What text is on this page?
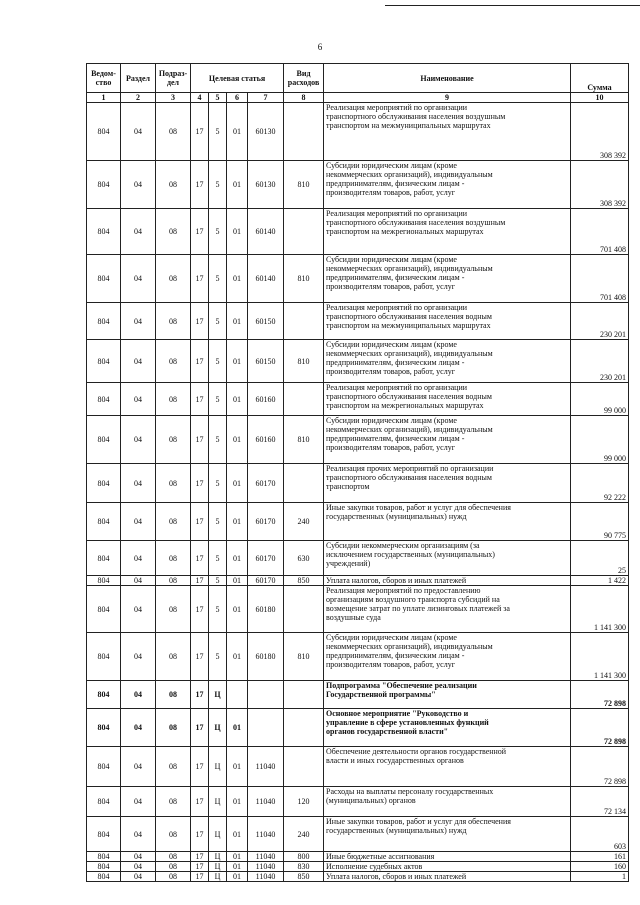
6
Ведом-
ство	Раздел	Подраз-
дел	Целевая статья				Вид
расходов	Наименование	Сумма
1	2	3	4	5	6	7	8	9	10
804	04	08	17	5	01	60130		Реализация мероприятий по организации
транспортного обслуживания населения воздушным
транспортом на межмуниципальных маршрутах	308 392
804	04	08	17	5	01	60130	810	Субсидии юридическим лицам (кроме
некоммерческих организаций), индивидуальным
предпринимателям, физическим лицам -
производителям товаров, работ, услуг	308 392
804	04	08	17	5	01	60140		Реализация мероприятий по организации
транспортного обслуживания населения воздушным
транспортом на межрегиональных маршрутах	701 408
804	04	08	17	5	01	60140	810	Субсидии юридическим лицам (кроме
некоммерческих организаций), индивидуальным
предпринимателям, физическим лицам -
производителям товаров, работ, услуг	701 408
804	04	08	17	5	01	60150		Реализация мероприятий по организации
транспортного обслуживания населения водным
транспортом на межмуниципальных маршрутах	230 201
804	04	08	17	5	01	60150	810	Субсидии юридическим лицам (кроме
некоммерческих организаций), индивидуальным
предпринимателям, физическим лицам -
производителям товаров, работ, услуг	230 201
804	04	08	17	5	01	60160		Реализация мероприятий по организации
транспортного обслуживания населения водным
транспортом на межрегиональных маршрутах	99 000
804	04	08	17	5	01	60160	810	Субсидии юридическим лицам (кроме
некоммерческих организаций), индивидуальным
предпринимателям, физическим лицам -
производителям товаров, работ, услуг	99 000
804	04	08	17	5	01	60170		Реализация прочих мероприятий по организации
транспортного обслуживания населения водным
транспортом	92 222
804	04	08	17	5	01	60170	240	Иные закупки товаров, работ и услуг для обеспечения
государственных (муниципальных) нужд	90 775
804	04	08	17	5	01	60170	630	Субсидии некоммерческим организациям (за
исключением государственных (муниципальных)
учреждений)	25
804	04	08	17	5	01	60170	850	Уплата налогов, сборов и иных платежей	1 422
804	04	08	17	5	01	60180		Реализация мероприятий по предоставлению
организациям воздушного транспорта субсидий на
возмещение затрат по уплате лизинговых платежей за
воздушные суда	1 141 300
804	04	08	17	5	01	60180	810	Субсидии юридическим лицам (кроме
некоммерческих организаций), индивидуальным
предпринимателям, физическим лицам -
производителям товаров, работ, услуг	1 141 300
804	04	08	17	Ц				Подпрограмма "Обеспечение реализации
Государственной программы"	72 898
804	04	08	17	Ц	01			Основное мероприятие "Руководство и
управление в сфере установленных функций
органов государственной власти"	72 898
804	04	08	17	Ц	01	11040		Обеспечение деятельности органов государственной
власти и иных государственных органов	72 898
804	04	08	17	Ц	01	11040	120	Расходы на выплаты персоналу государственных
(муниципальных) органов	72 134
804	04	08	17	Ц	01	11040	240	Иные закупки товаров, работ и услуг для обеспечения
государственных (муниципальных) нужд	603
804	04	08	17	Ц	01	11040	800	Иные бюджетные ассигнования	161
804	04	08	17	Ц	01	11040	830	Исполнение судебных актов	160
804	04	08	17	Ц	01	11040	850	Уплата налогов, сборов и иных платежей	1
